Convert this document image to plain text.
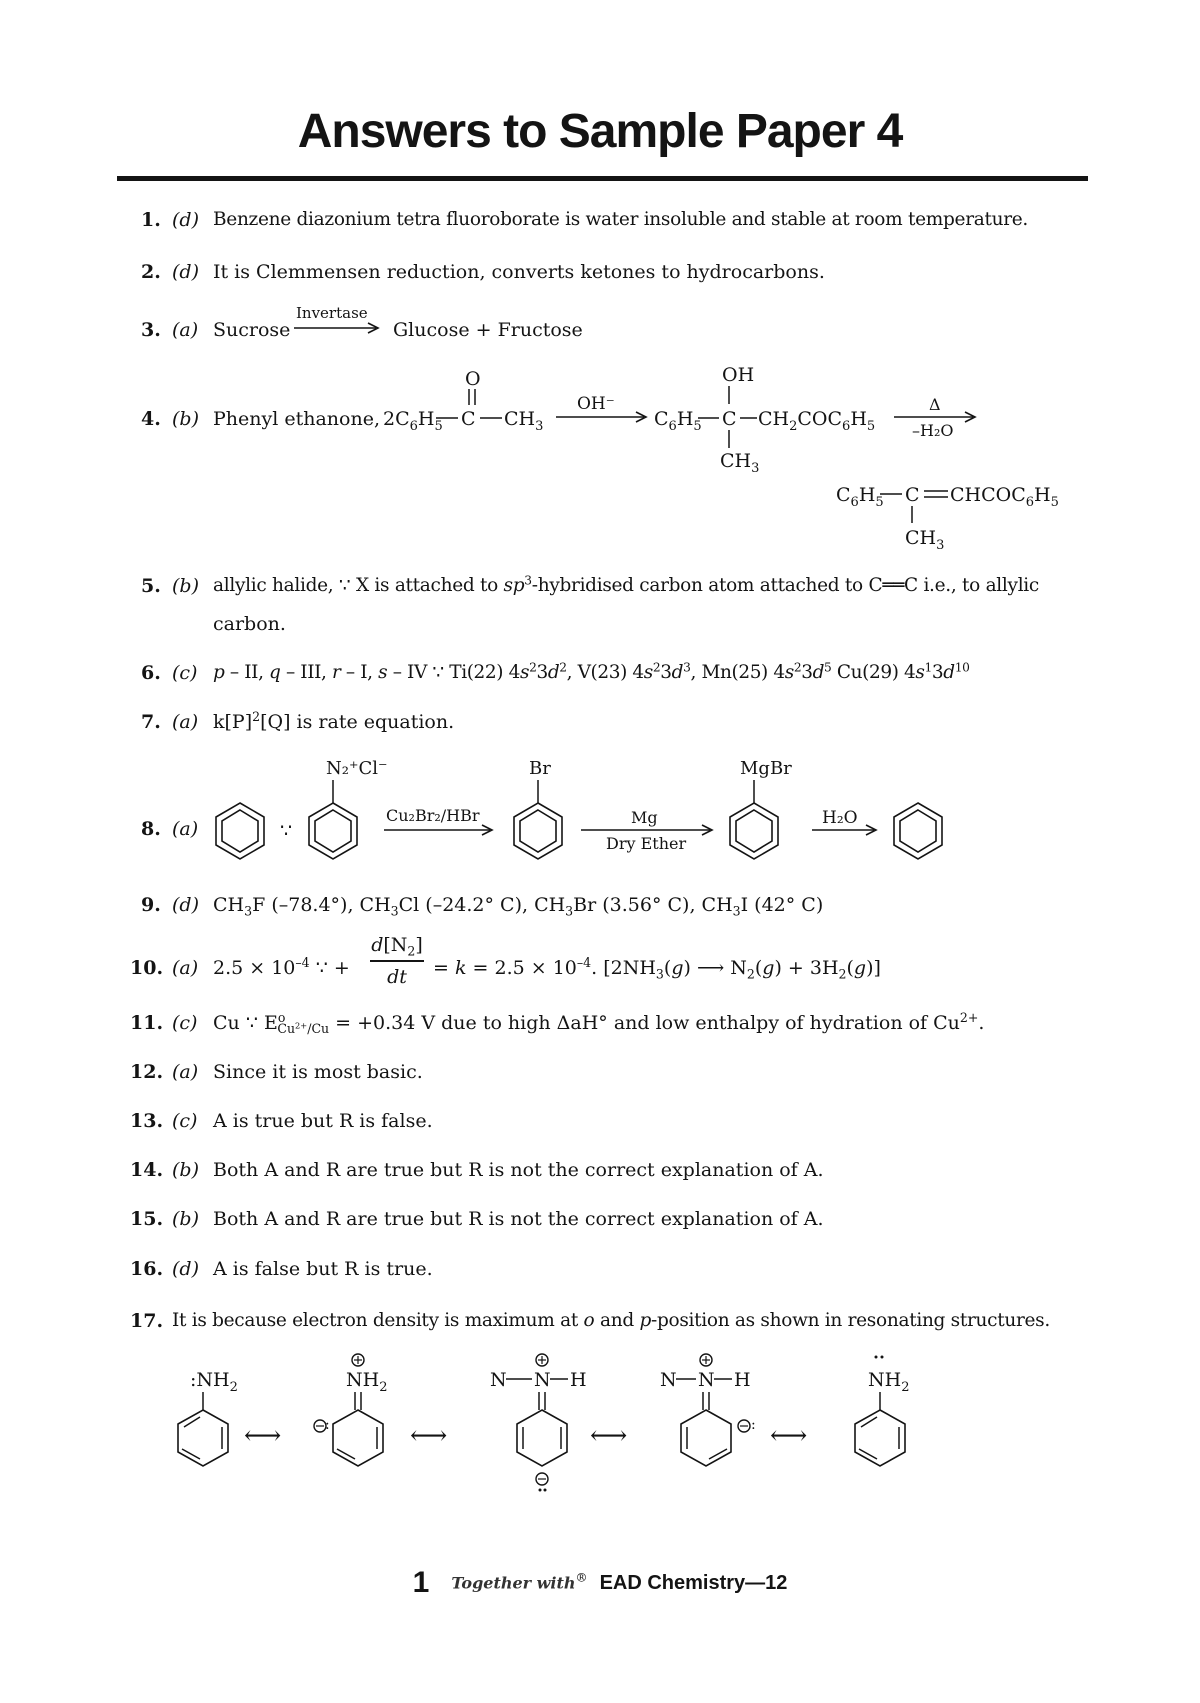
Answers to Sample Paper 4
1. (d) Benzene diazonium tetra fluoroborate is water insoluble and stable at room temperature.
2. (d) It is Clemmensen reduction, converts ketones to hydrocarbons.
3. (a) Sucrose
Invertase
Glucose + Fructose
4. (b) Phenyl ethanone, $2C_6H_5$ C
O
$CH_3$
OH⁻
$C_6H_5$ C
OH
$CH_3$
$CH_2COC_6H_5$
Δ
–H₂O
$C_6H_5$ C $CHCOC_6H_5$
$CH_3$
5. (b) allylic halide, ∵ X is attached to $sp^3$-hybridised carbon atom attached to C══C i.e., to allylic
carbon.
6. (c) p – II, q – III, r – I, s – IV ∵ Ti(22) $4s^23d^2$, V(23) $4s^23d^3$, Mn(25) $4s^23d^5$ Cu(29) $4s^13d^{10}$
7. (a) $k[P]^2[Q]$ is rate equation.
8. (a)	∵
N₂⁺Cl⁻
Cu₂Br₂/HBr
Br
Mg
Dry Ether
MgBr
H₂O
9. (d) $CH_3F$ (–78.4°), $CH_3Cl$ (–24.2° C), $CH_3Br$ (3.56° C), $CH_3I$ (42° C)
10. (a) $2.5 \times 10^{-4}$ ∵ +
$d[N_2]$
dt	= $k = 2.5 \times 10^{-4}$. [$2NH_3(g)$ ⟶ $N_2(g) + 3H_2(g)$]
11. (c) Cu ∵ $E^o_{Cu^{2+}/Cu} = +0.34$ V due to high ΔaH° and low enthalpy of hydration of $Cu^{2+}$.
12. (a) Since it is most basic.
13. (c) A is true but R is false.
14. (b) Both A and R are true but R is not the correct explanation of A.
15. (b) Both A and R are true but R is not the correct explanation of A.
16. (d) A is false but R is true.
17. It is because electron density is maximum at o and p-position as shown in resonating structures.
$:NH_2$
⟷
$NH_2$
:	⟷
N N H
⟷
N N H
: ⟷
$NH_2$
1 Together with® EAD Chemistry—12
